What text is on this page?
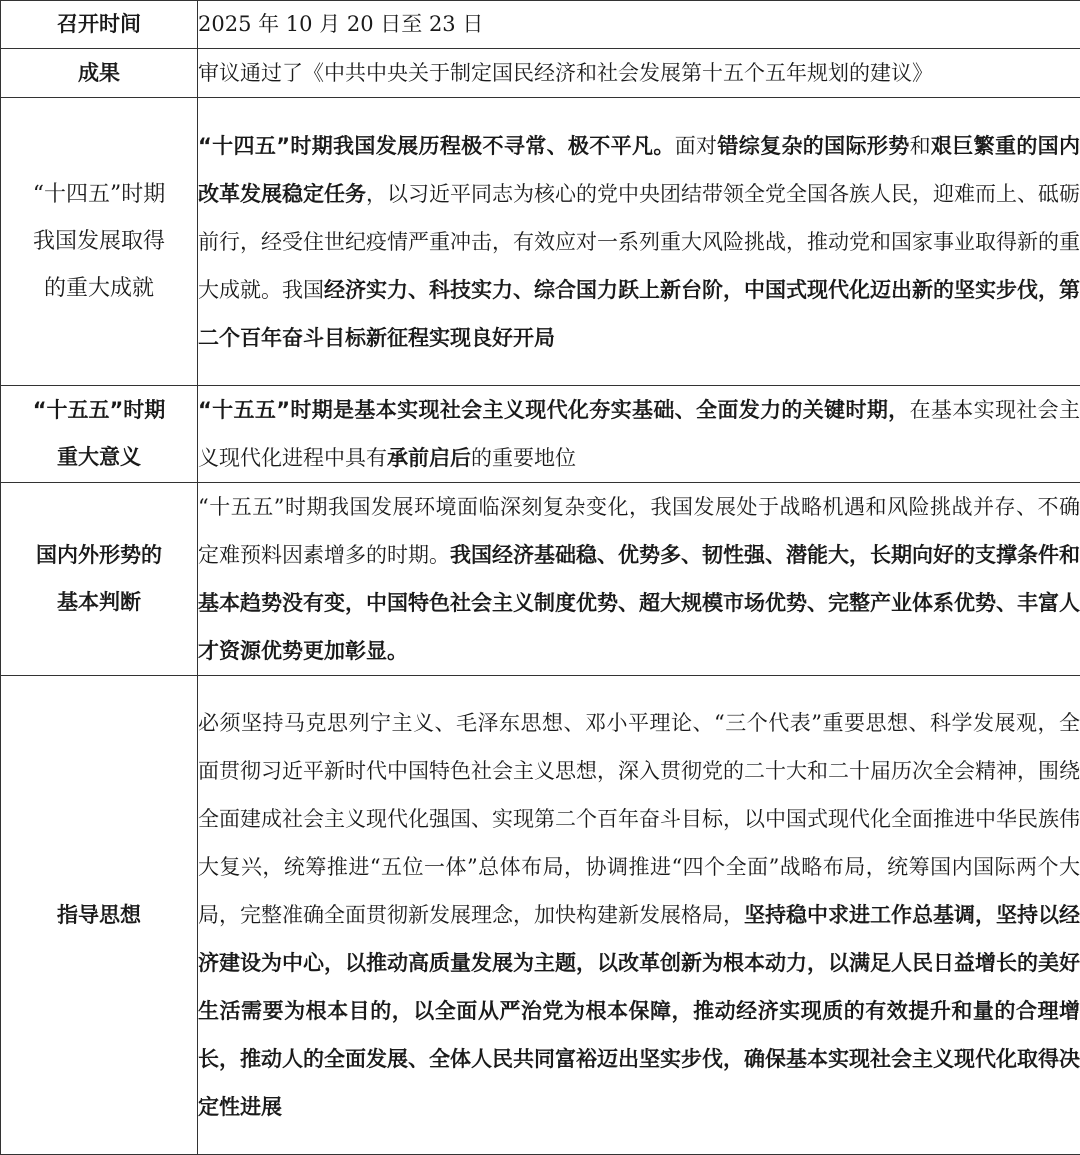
召开时间	2025 年 10 月 20 日至 23 日

成果	审议通过了《中共中央关于制定国民经济和社会发展第十五个五年规划的建议》

“十四五”时期
我国发展取得
的重大成就	“十四五”时期我国发展历程极不寻常、极不平凡。面对错综复杂的国际形势和艰巨繁重的国内改革发展稳定任务，以习近平同志为核心的党中央团结带领全党全国各族人民，迎难而上、砥砺前行，经受住世纪疫情严重冲击，有效应对一系列重大风险挑战，推动党和国家事业取得新的重大成就。我国经济实力、科技实力、综合国力跃上新台阶，中国式现代化迈出新的坚实步伐，第二个百年奋斗目标新征程实现良好开局

“十五五”时期
重大意义	“十五五”时期是基本实现社会主义现代化夯实基础、全面发力的关键时期，在基本实现社会主义现代化进程中具有承前启后的重要地位

国内外形势的
基本判断	“十五五”时期我国发展环境面临深刻复杂变化，我国发展处于战略机遇和风险挑战并存、不确定难预料因素增多的时期。我国经济基础稳、优势多、韧性强、潜能大，长期向好的支撑条件和基本趋势没有变，中国特色社会主义制度优势、超大规模市场优势、完整产业体系优势、丰富人才资源优势更加彰显。

指导思想	必须坚持马克思列宁主义、毛泽东思想、邓小平理论、“三个代表”重要思想、科学发展观，全面贯彻习近平新时代中国特色社会主义思想，深入贯彻党的二十大和二十届历次全会精神，围绕全面建成社会主义现代化强国、实现第二个百年奋斗目标，以中国式现代化全面推进中华民族伟大复兴，统筹推进“五位一体”总体布局，协调推进“四个全面”战略布局，统筹国内国际两个大局，完整准确全面贯彻新发展理念，加快构建新发展格局，坚持稳中求进工作总基调，坚持以经济建设为中心，以推动高质量发展为主题，以改革创新为根本动力，以满足人民日益增长的美好生活需要为根本目的，以全面从严治党为根本保障，推动经济实现质的有效提升和量的合理增长，推动人的全面发展、全体人民共同富裕迈出坚实步伐，确保基本实现社会主义现代化取得决定性进展
